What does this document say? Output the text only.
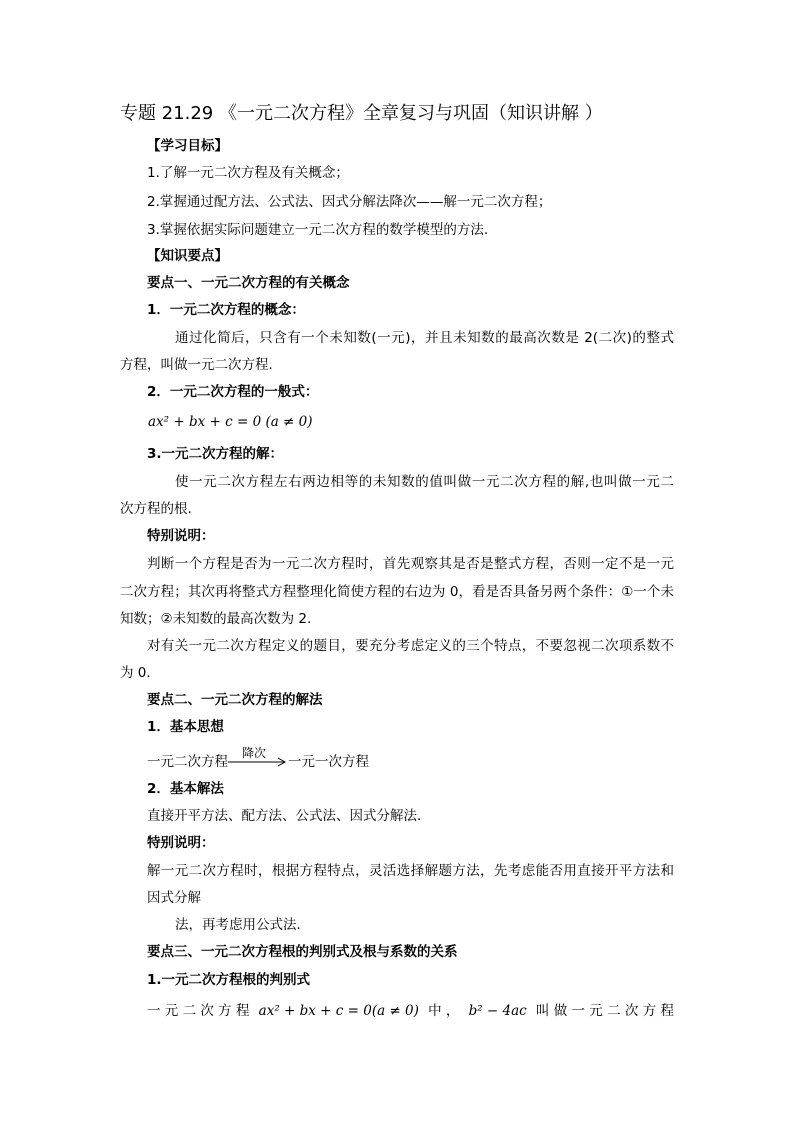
专题 21.29 《一元二次方程》全章复习与巩固（知识讲解 ）
【学习目标】
1.了解一元二次方程及有关概念；
2.掌握通过配方法、公式法、因式分解法降次——解一元二次方程；
3.掌握依据实际问题建立一元二次方程的数学模型的方法.
【知识要点】
要点一、一元二次方程的有关概念
1．一元二次方程的概念：
通过化简后，只含有一个未知数(一元)，并且未知数的最高次数是 2(二次)的整式
方程，叫做一元二次方程．
2．一元二次方程的一般式：
ax² + bx + c = 0 (a ≠ 0)
3.一元二次方程的解：
使一元二次方程左右两边相等的未知数的值叫做一元二次方程的解,也叫做一元二
次方程的根.
特别说明：
判断一个方程是否为一元二次方程时，首先观察其是否是整式方程，否则一定不是一元
二次方程；其次再将整式方程整理化简使方程的右边为 0，看是否具备另两个条件：①一个未
知数；②未知数的最高次数为 2.
对有关一元二次方程定义的题目，要充分考虑定义的三个特点，不要忽视二次项系数不
为 0．
要点二、一元二次方程的解法
1．基本思想
一元二次方程
降次
一元一次方程
2．基本解法
直接开平方法、配方法、公式法、因式分解法．
特别说明：
解一元二次方程时，根据方程特点，灵活选择解题方法，先考虑能否用直接开平方法和
因式分解
法，再考虑用公式法．
要点三、一元二次方程根的判别式及根与系数的关系
1.一元二次方程根的判别式
一 元 二 次 方 程 ax² + bx + c = 0(a ≠ 0) 中 ， b² − 4ac 叫 做 一 元 二 次 方 程
